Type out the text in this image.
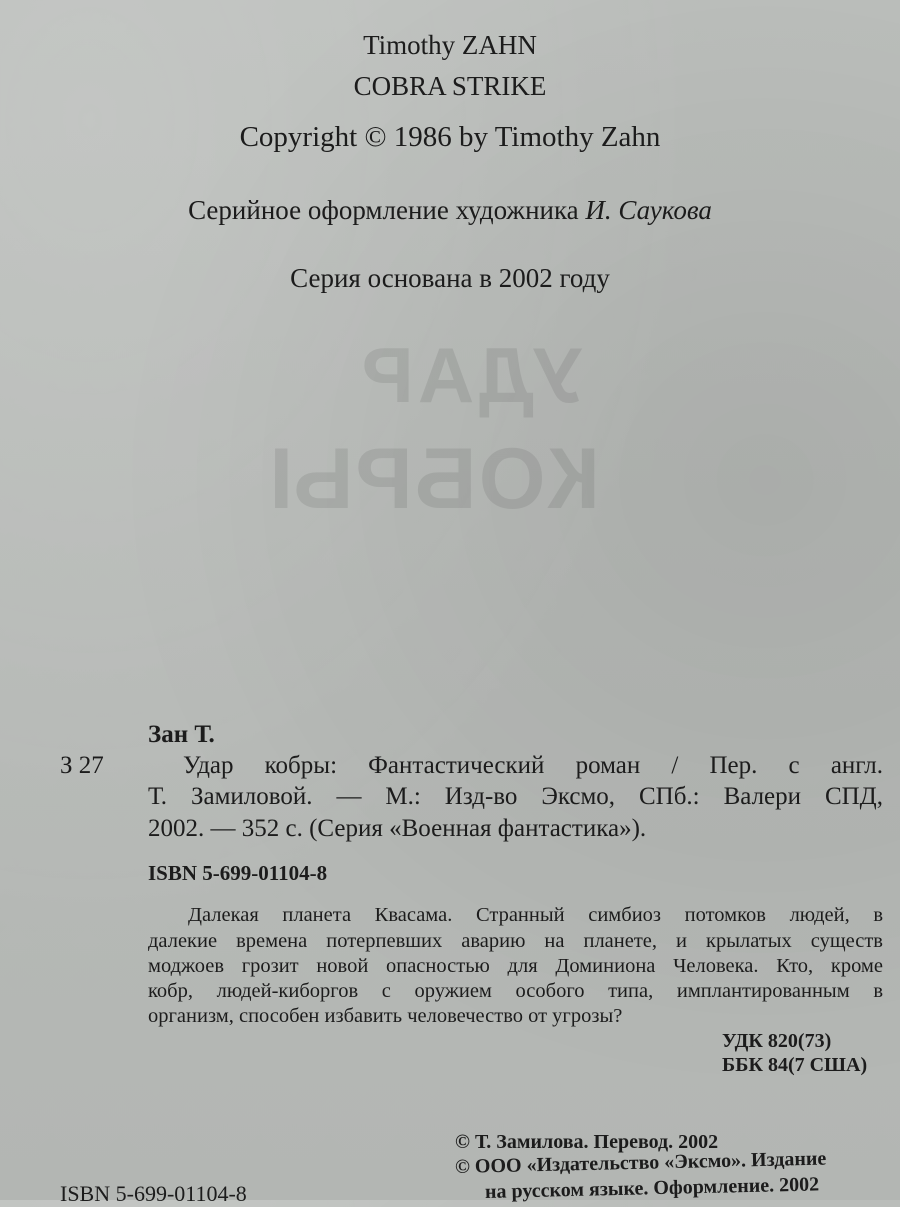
УДАР
КОБРЫ
Timothy ZAHN
COBRA STRIKE
Copyright © 1986 by Timothy Zahn
Серийное оформление художника И. Саукова
Серия основана в 2002 году
Зан Т.
З 27	Удар кобры: Фантастический роман / Пер. с англ.
Т. Замиловой. — М.: Изд-во Эксмо, СПб.: Валери СПД,
2002. — 352 с. (Серия «Военная фантастика»).
ISBN 5-699-01104-8
Далекая планета Квасама. Странный симбиоз потомков людей, в
далекие времена потерпевших аварию на планете, и крылатых существ
моджоев грозит новой опасностью для Доминиона Человека. Кто, кроме
кобр, людей-киборгов с оружием особого типа, имплантированным в
организм, способен избавить человечество от угрозы?
УДК 820(73)
ББК 84(7 США)
© Т. Замилова. Перевод. 2002
© ООО «Издательство «Эксмо». Издание
на русском языке. Оформление. 2002
ISBN 5-699-01104-8
